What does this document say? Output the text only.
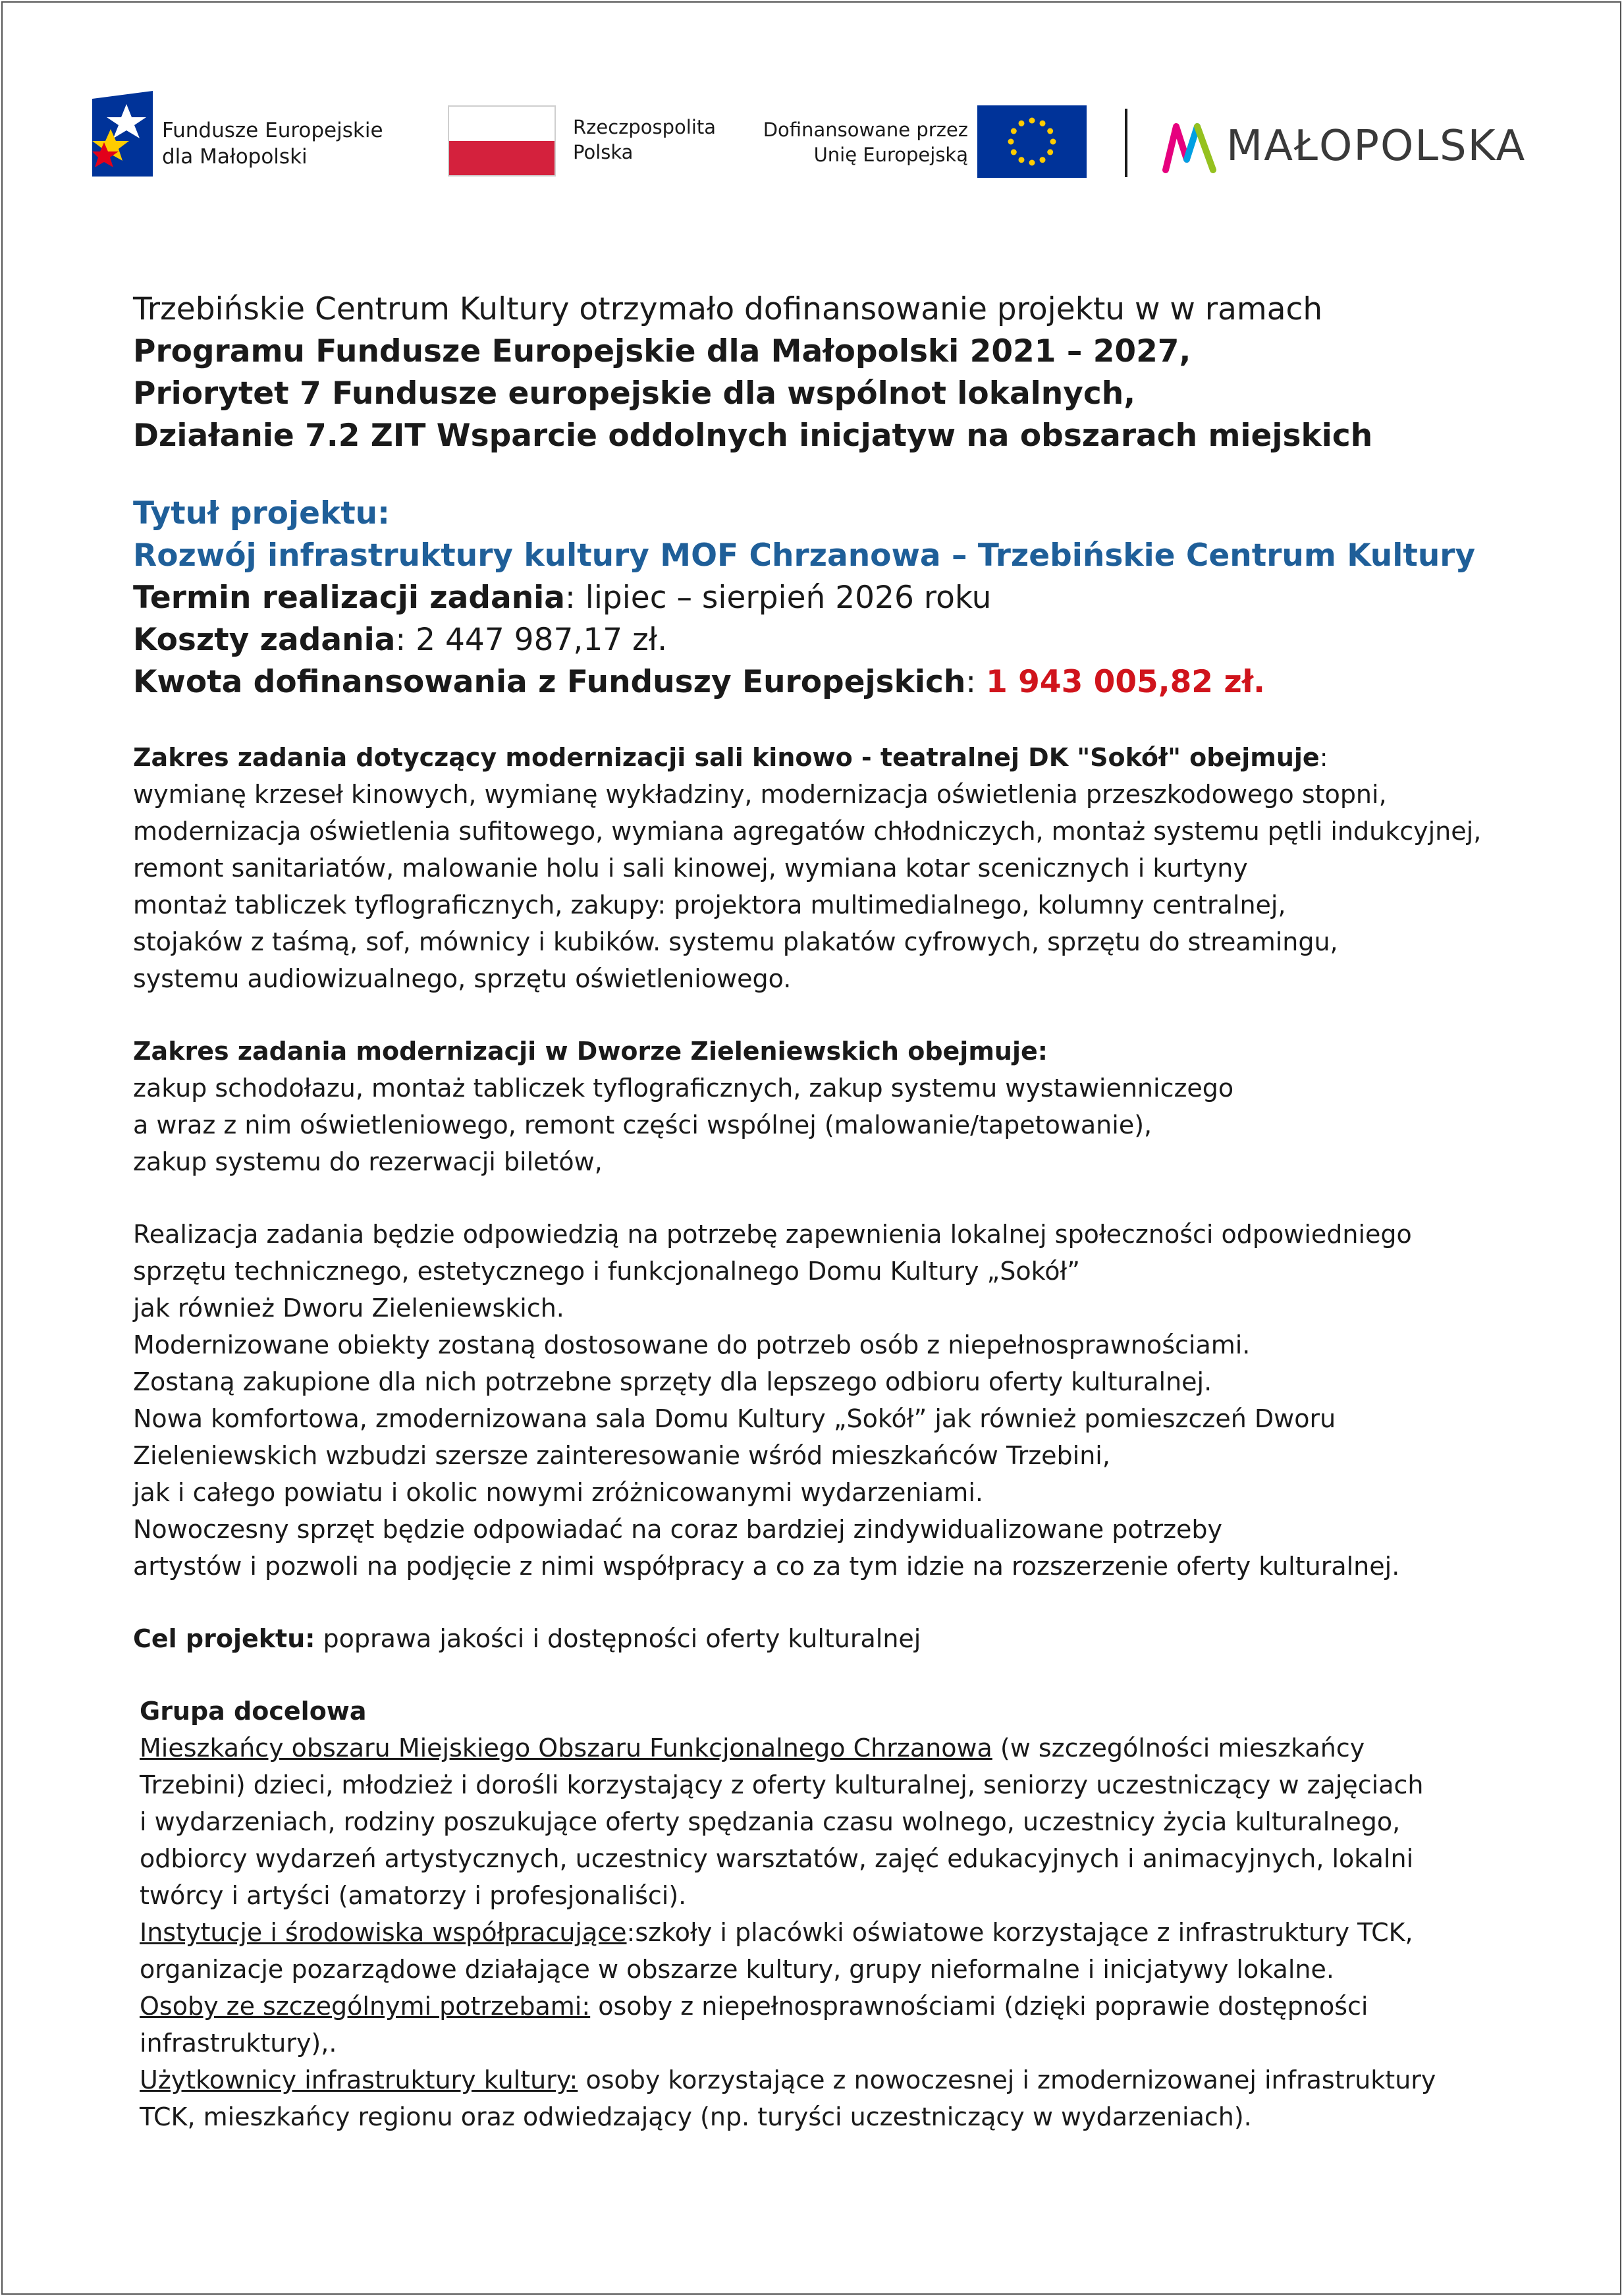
Fundusze Europejskie
dla Małopolski
Rzeczpospolita
Polska
Dofinansowane przez
Unię Europejską	MAŁOPOLSKA

Trzebińskie Centrum Kultury otrzymało dofinansowanie projektu w w ramach

Programu Fundusze Europejskie dla Małopolski 2021 – 2027,

Priorytet 7 Fundusze europejskie dla wspólnot lokalnych,

Działanie 7.2 ZIT Wsparcie oddolnych inicjatyw na obszarach miejskich

Tytuł projektu:

Rozwój infrastruktury kultury MOF Chrzanowa – Trzebińskie Centrum Kultury

Termin realizacji zadania: lipiec – sierpień 2026 roku

Koszty zadania: 2 447 987,17 zł.

Kwota dofinansowania z Funduszy Europejskich: 1 943 005,82 zł.

Zakres zadania dotyczący modernizacji sali kinowo - teatralnej DK "Sokół" obejmuje:

wymianę krzeseł kinowych, wymianę wykładziny, modernizacja oświetlenia przeszkodowego stopni,

modernizacja oświetlenia sufitowego, wymiana agregatów chłodniczych, montaż systemu pętli indukcyjnej,

remont sanitariatów, malowanie holu i sali kinowej, wymiana kotar scenicznych i kurtyny

montaż tabliczek tyflograficznych, zakupy: projektora multimedialnego, kolumny centralnej,

stojaków z taśmą, sof, mównicy i kubików. systemu plakatów cyfrowych, sprzętu do streamingu,

systemu audiowizualnego, sprzętu oświetleniowego.

Zakres zadania modernizacji w Dworze Zieleniewskich obejmuje:

zakup schodołazu, montaż tabliczek tyflograficznych, zakup systemu wystawienniczego

a wraz z nim oświetleniowego, remont części wspólnej (malowanie/tapetowanie),

zakup systemu do rezerwacji biletów,

Realizacja zadania będzie odpowiedzią na potrzebę zapewnienia lokalnej społeczności odpowiedniego

sprzętu technicznego, estetycznego i funkcjonalnego Domu Kultury „Sokół”

jak również Dworu Zieleniewskich.

Modernizowane obiekty zostaną dostosowane do potrzeb osób z niepełnosprawnościami.

Zostaną zakupione dla nich potrzebne sprzęty dla lepszego odbioru oferty kulturalnej.

Nowa komfortowa, zmodernizowana sala Domu Kultury „Sokół” jak również pomieszczeń Dworu

Zieleniewskich wzbudzi szersze zainteresowanie wśród mieszkańców Trzebini,

jak i całego powiatu i okolic nowymi zróżnicowanymi wydarzeniami.

Nowoczesny sprzęt będzie odpowiadać na coraz bardziej zindywidualizowane potrzeby

artystów i pozwoli na podjęcie z nimi współpracy a co za tym idzie na rozszerzenie oferty kulturalnej.

Cel projektu: poprawa jakości i dostępności oferty kulturalnej

Grupa docelowa

Mieszkańcy obszaru Miejskiego Obszaru Funkcjonalnego Chrzanowa (w szczególności mieszkańcy

Trzebini) dzieci, młodzież i dorośli korzystający z oferty kulturalnej, seniorzy uczestniczący w zajęciach

i wydarzeniach, rodziny poszukujące oferty spędzania czasu wolnego, uczestnicy życia kulturalnego,

odbiorcy wydarzeń artystycznych, uczestnicy warsztatów, zajęć edukacyjnych i animacyjnych, lokalni

twórcy i artyści (amatorzy i profesjonaliści).

Instytucje i środowiska współpracujące:szkoły i placówki oświatowe korzystające z infrastruktury TCK,

organizacje pozarządowe działające w obszarze kultury, grupy nieformalne i inicjatywy lokalne.

Osoby ze szczególnymi potrzebami: osoby z niepełnosprawnościami (dzięki poprawie dostępności

infrastruktury),.

Użytkownicy infrastruktury kultury: osoby korzystające z nowoczesnej i zmodernizowanej infrastruktury

TCK, mieszkańcy regionu oraz odwiedzający (np. turyści uczestniczący w wydarzeniach).
